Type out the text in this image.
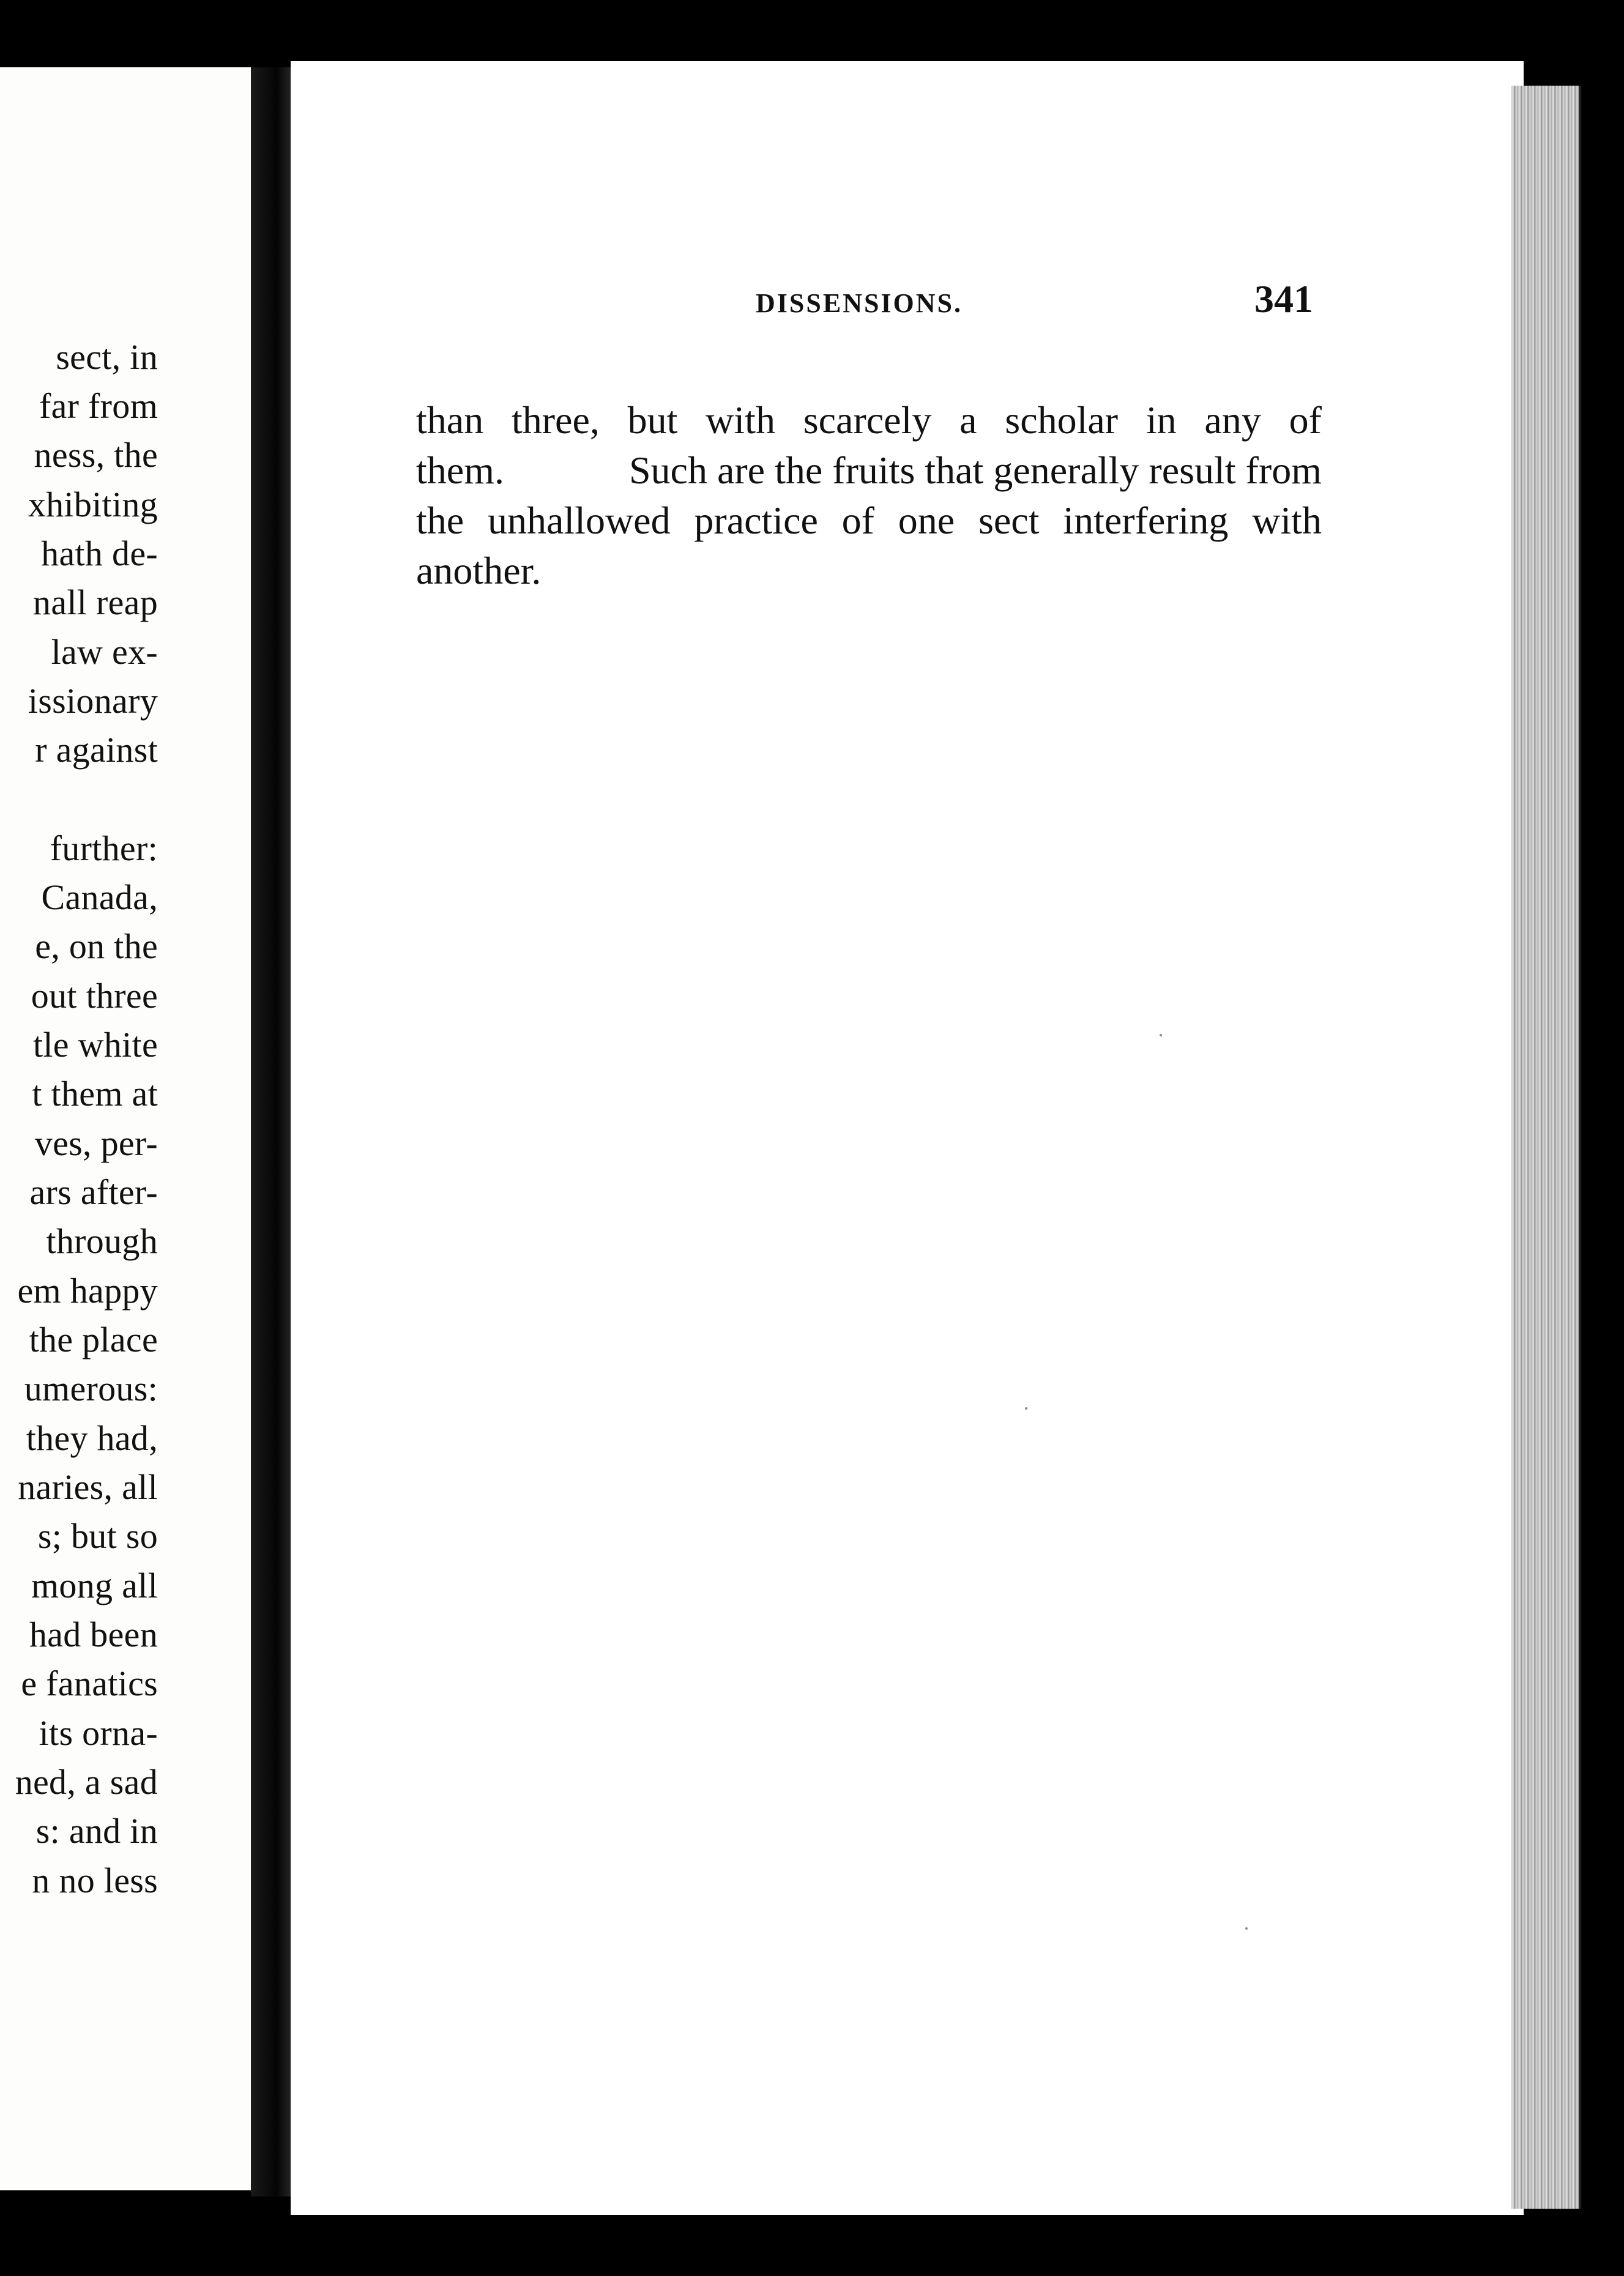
sect, in
far from
ness, the
xhibiting
hath de-
nall reap
law ex-
issionary
r against
further:
Canada,
e, on the
out three
tle white
t them at
ves, per-
ars after-
through
em happy
the place
umerous:
they had,
naries, all
s; but so
mong all
had been
e fanatics
its orna-
ned, a sad
s: and in
n no less
DISSENSIONS.	341
than three, but with scarcely a scholar in any of
them.	Such are the fruits that generally result from
the unhallowed practice of one sect interfering with
another.
